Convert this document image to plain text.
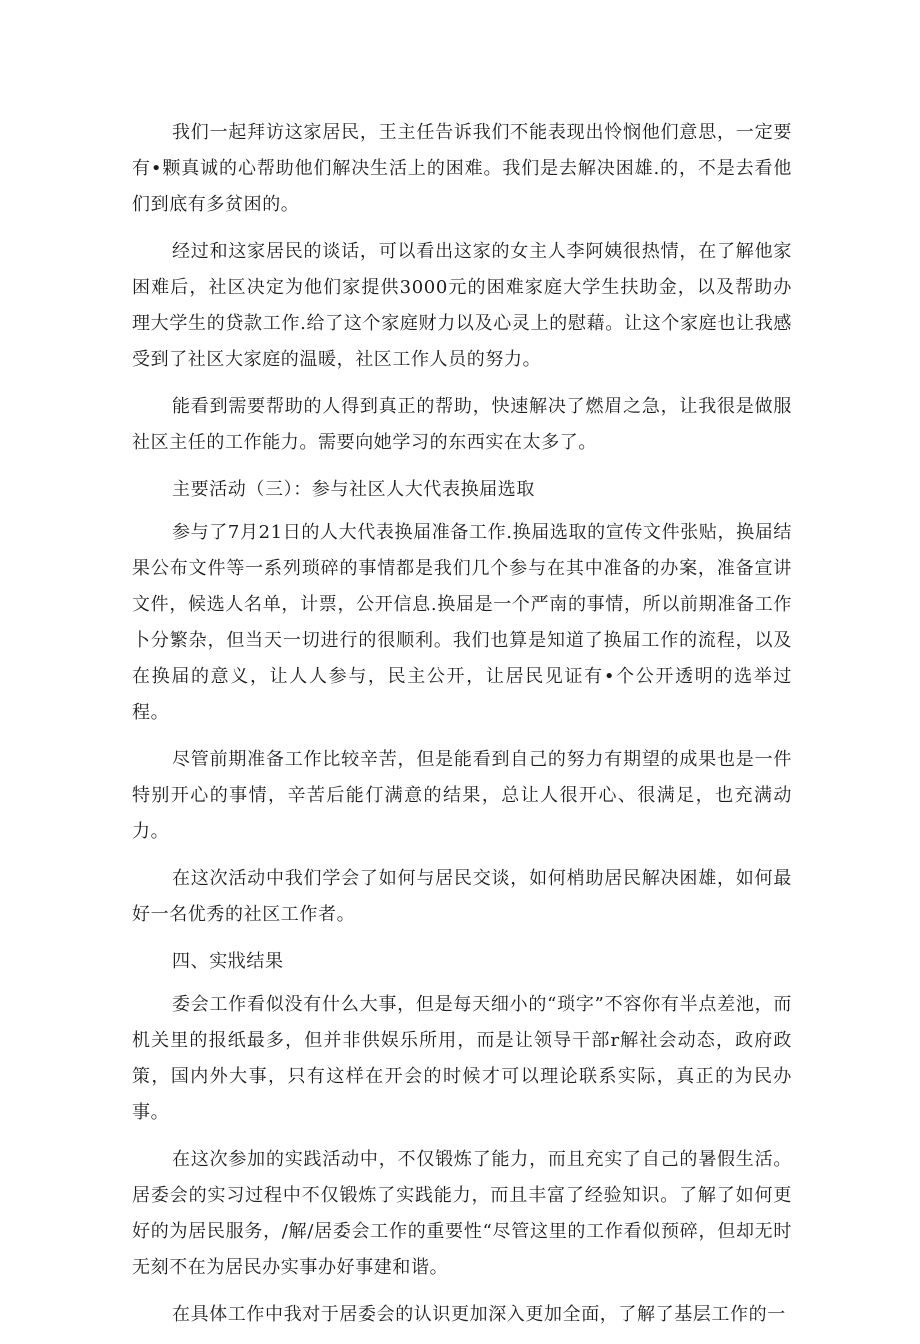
我们一起拜访这家居民，王主任告诉我们不能表现出怜悯他们意思，一定要有•颗真诚的心帮助他们解决生活上的困难。我们是去解决困雄.的，不是去看他们到底有多贫困的。

经过和这家居民的谈话，可以看出这家的女主人李阿姨很热情，在了解他家困难后，社区决定为他们家提供3000元的困难家庭大学生扶助金，以及帮助办理大学生的贷款工作.给了这个家庭财力以及心灵上的慰藉。让这个家庭也让我感受到了社区大家庭的温暖，社区工作人员的努力。

能看到需要帮助的人得到真正的帮助，快速解决了燃眉之急，让我很是做服社区主任的工作能力。需要向她学习的东西实在太多了。

主要活动（三）：参与社区人大代表换届选取

参与了7月21日的人大代表换届准备工作.换届选取的宣传文件张贴，换届结果公布文件等一系列琐碎的事情都是我们几个参与在其中准备的办案，准备宣讲文件，候选人名单，计票，公开信息.换届是一个严南的事情，所以前期准备工作卜分繁杂，但当天一切进行的很顺利。我们也算是知道了换届工作的流程，以及在换届的意义，让人人参与，民主公开，让居民见证有•个公开透明的选举过程。

尽管前期准备工作比较辛苦，但是能看到自己的努力有期望的成果也是一件特别开心的事情，辛苦后能仃满意的结果，总让人很开心、很满足，也充满动力。

在这次活动中我们学会了如何与居民交谈，如何梢助居民解决困雄，如何最好一名优秀的社区工作者。

四、实戕结果

委会工作看似没有什么大事，但是每天细小的“琐字”不容你有半点差池，而机关里的报纸最多，但并非供娱乐所用，而是让领导干部r解社会动态，政府政策，国内外大事，只有这样在开会的时候才可以理论联系实际，真正的为民办事。

在这次参加的实践活动中，不仅锻炼了能力，而且充实了自己的暑假生活。居委会的实习过程中不仅锻炼了实践能力，而且丰富了经验知识。了解了如何更好的为居民服务，/解/居委会工作的重要性“尽管这里的工作看似预碎，但却无时无刻不在为居民办实事办好事建和谐。

在具体工作中我对于居委会的认识更加深入更加全面，了解了基层工作的一
